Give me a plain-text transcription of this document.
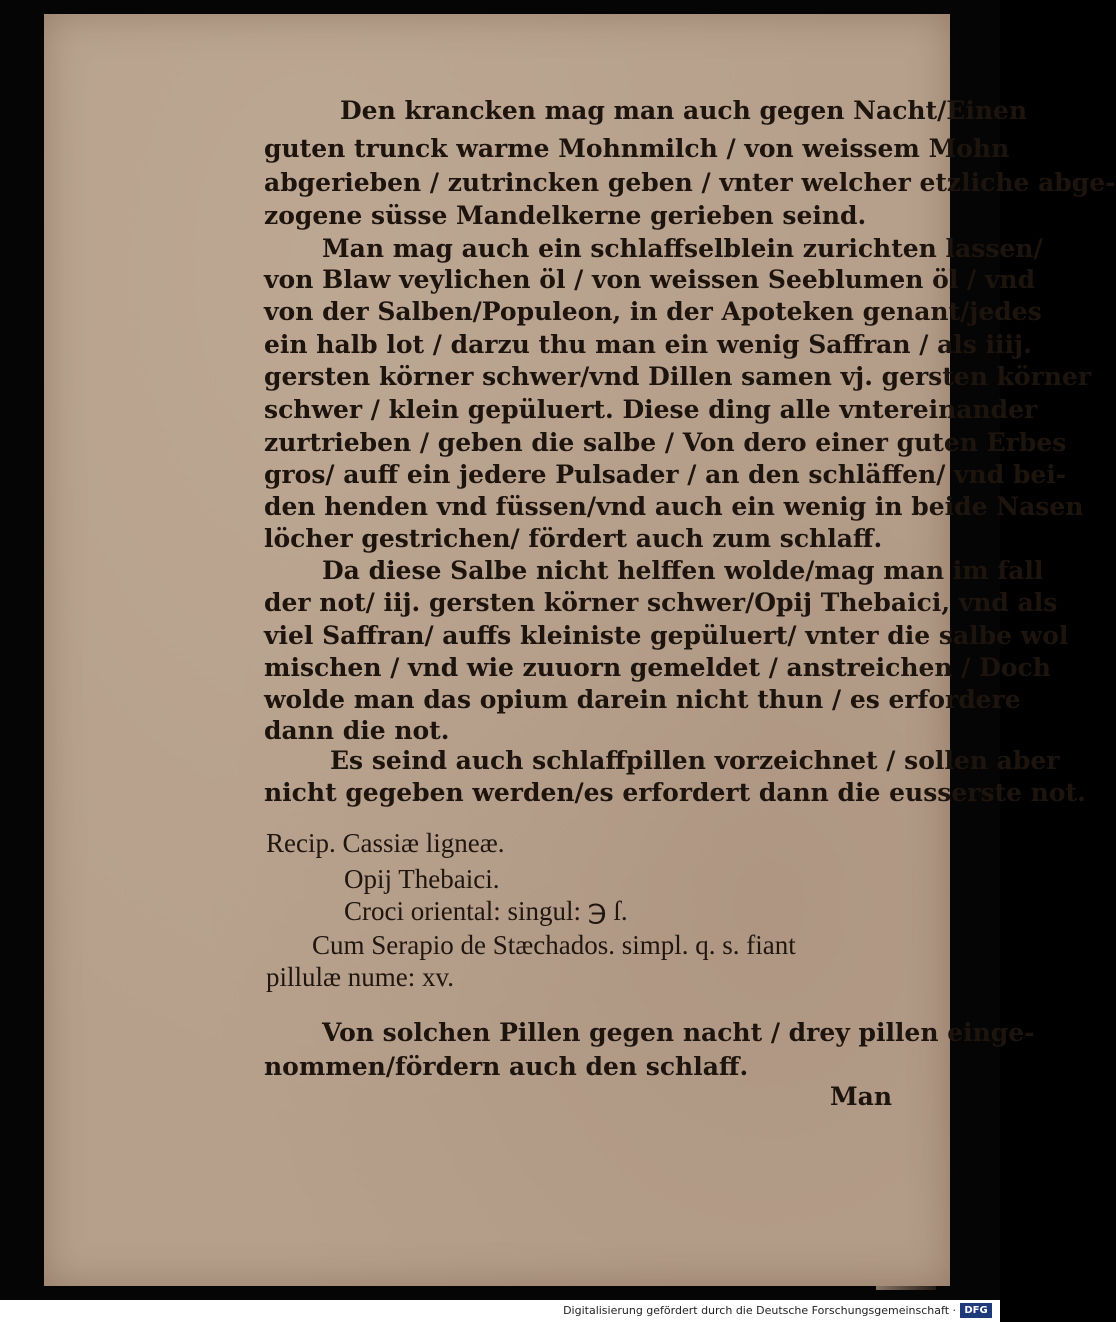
Den krancken mag man auch gegen Nacht/Einen
guten trunck warme Mohnmilch / von weissem Mohn
abgerieben / zutrincken geben / vnter welcher etzliche abge-
zogene süsse Mandelkerne gerieben seind.
Man mag auch ein schlaffselblein zurichten lassen/
von Blaw veylichen öl / von weissen Seeblumen öl / vnd
von der Salben/Populeon, in der Apoteken genant/jedes
ein halb lot / darzu thu man ein wenig Saffran / als iiij.
gersten körner schwer/vnd Dillen samen vj. gersten körner
schwer / klein gepüluert. Diese ding alle vntereinander
zurtrieben / geben die salbe / Von dero einer guten Erbes
gros/ auff ein jedere Pulsader / an den schläffen/ vnd bei-
den henden vnd füssen/vnd auch ein wenig in beide Nasen
löcher gestrichen/ fördert auch zum schlaff.
Da diese Salbe nicht helffen wolde/mag man im fall
der not/ iij. gersten körner schwer/Opij Thebaici, vnd als
viel Saffran/ auffs kleiniste gepüluert/ vnter die salbe wol
mischen / vnd wie zuuorn gemeldet / anstreichen / Doch
wolde man das opium darein nicht thun / es erfordere
dann die not.
Es seind auch schlaffpillen vorzeichnet / sollen aber
nicht gegeben werden/es erfordert dann die eusserste not.
Recip. Cassiæ ligneæ.
Opij Thebaici.
Croci oriental: singul: ℈ ſ.
Cum Serapio de Stæchados. simpl. q. s. fiant
pillulæ nume: xv.
Von solchen Pillen gegen nacht / drey pillen einge-
nommen/fördern auch den schlaff.
Man
Digitalisierung gefördert durch die Deutsche Forschungsgemeinschaft · DFG
